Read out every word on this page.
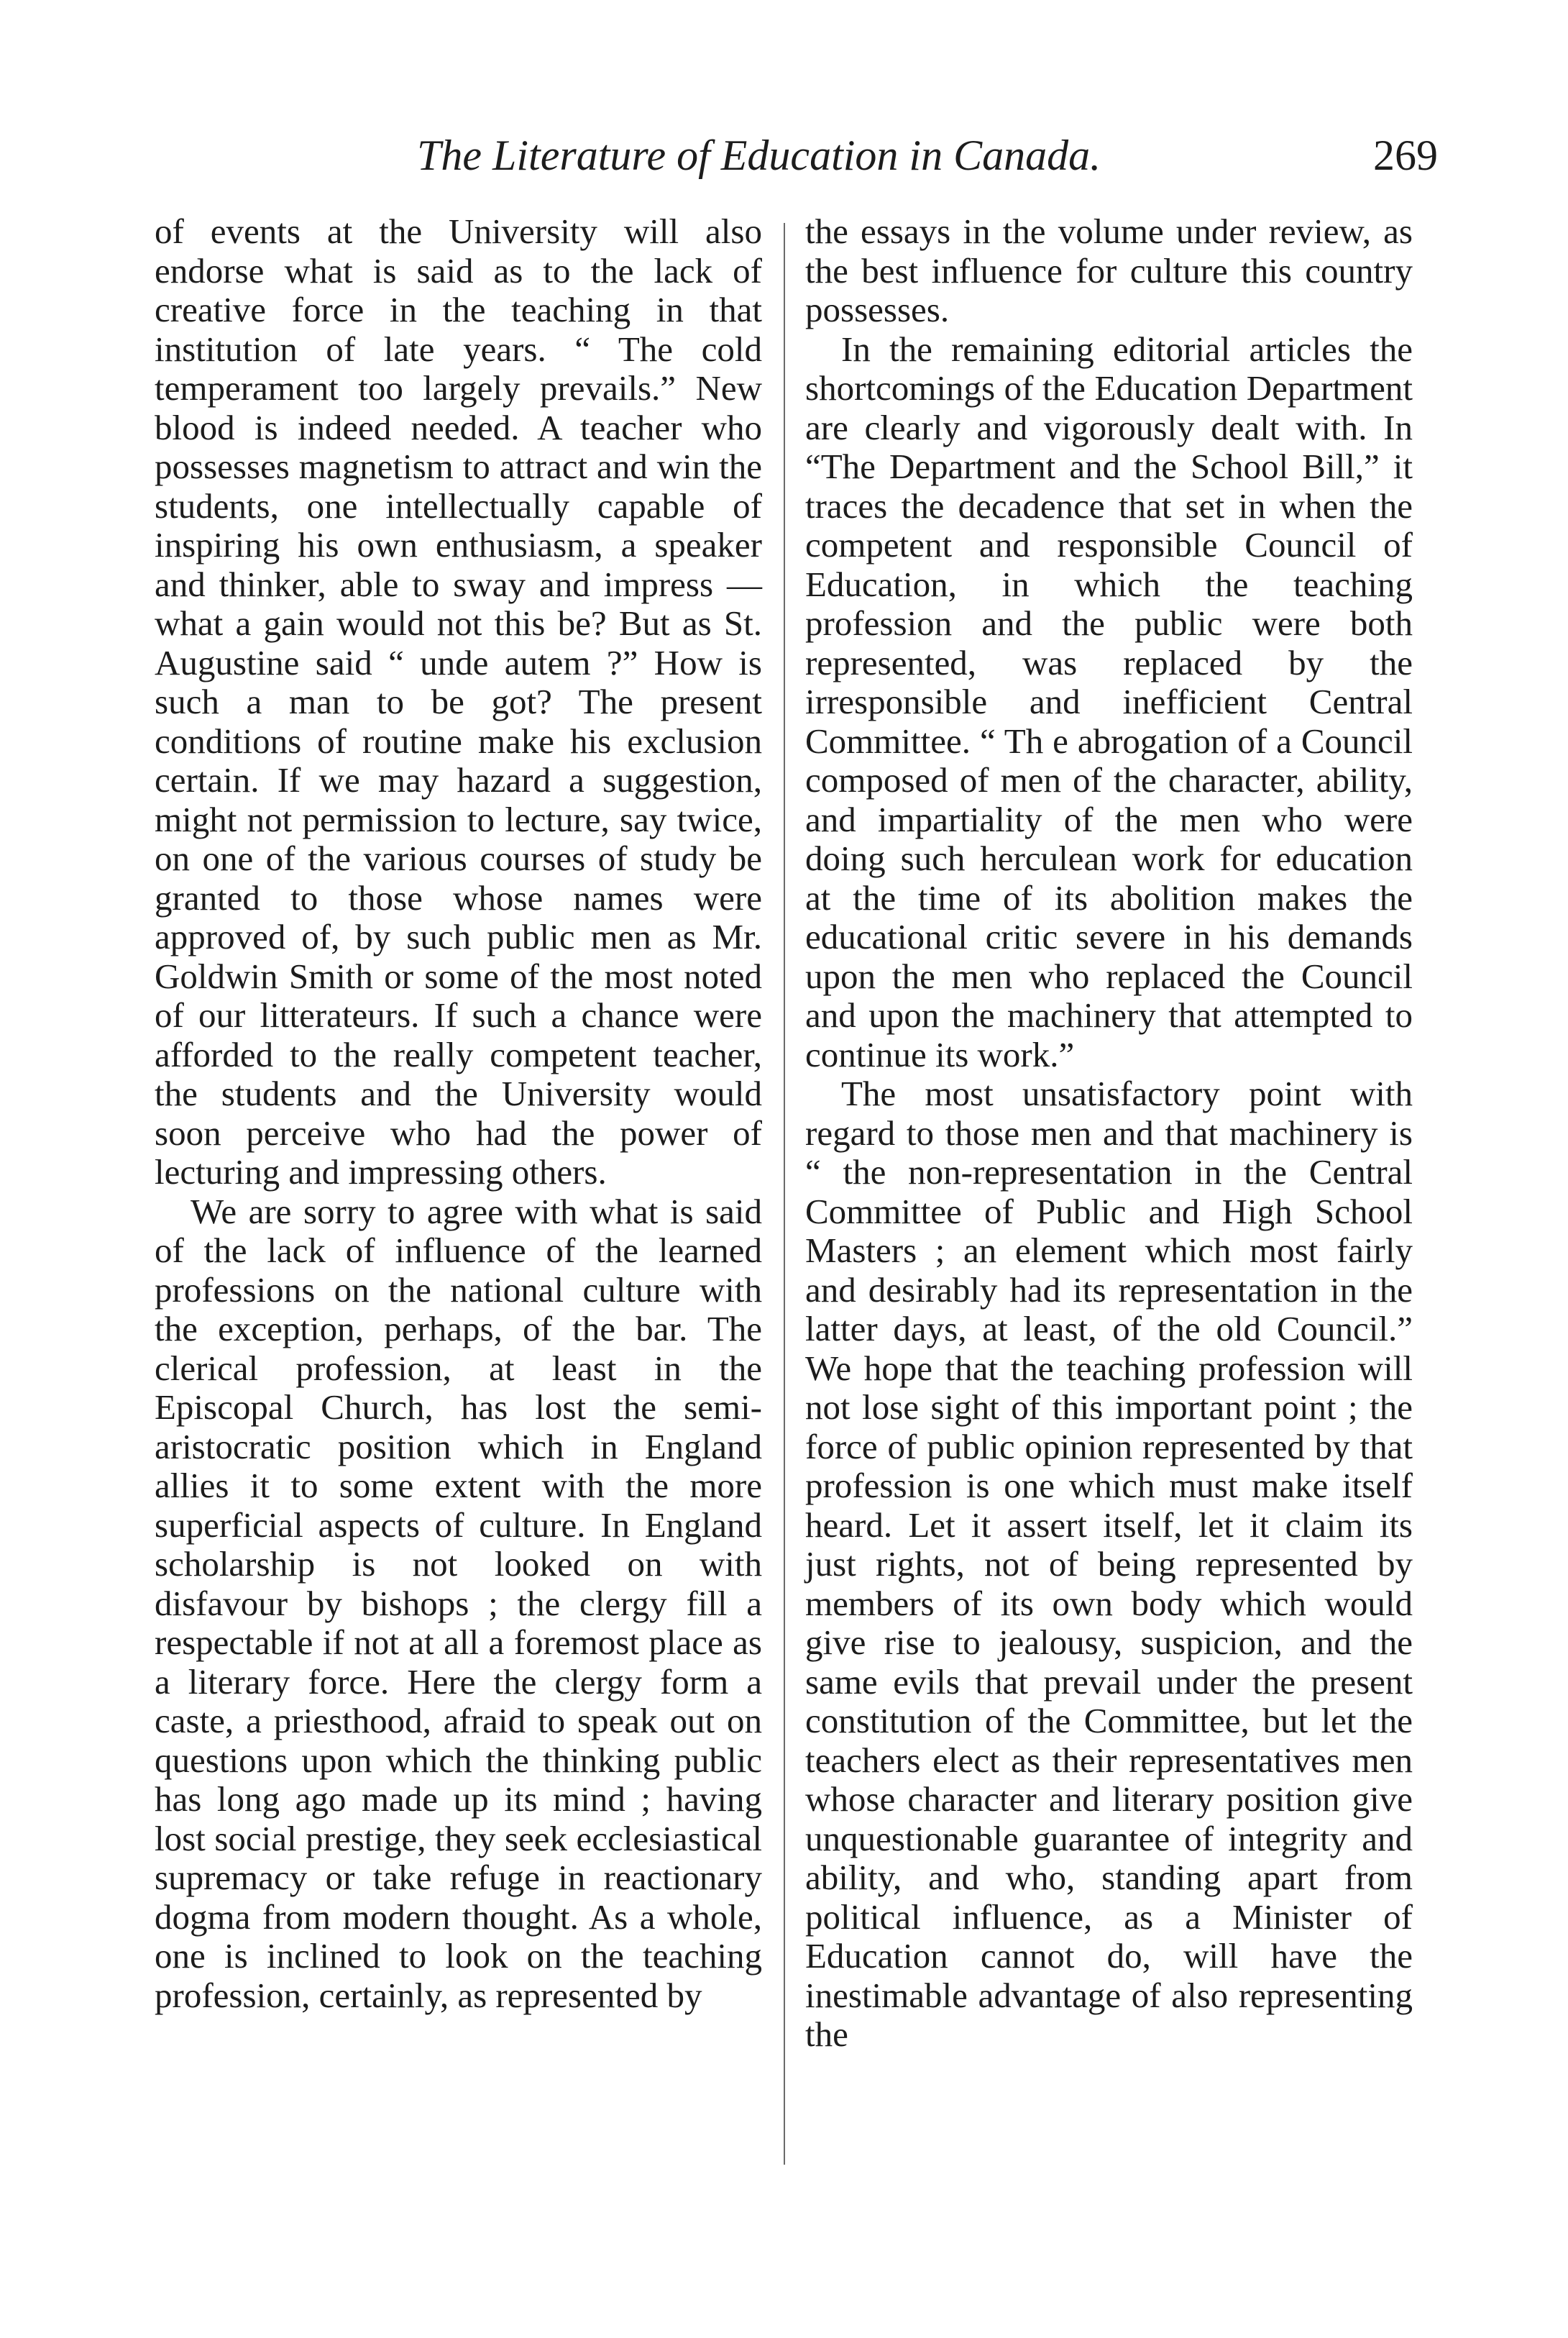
The Literature of Education in Canada.	269

of events at the University will also endorse what is said as to the lack of creative force in the teaching in that institution of late years. “ The cold temperament too largely prevails.” New blood is indeed needed. A teacher who possesses magnetism to attract and win the students, one intellectually capable of inspiring his own enthusiasm, a speaker and thinker, able to sway and impress —what a gain would not this be? But as St. Augustine said “ unde autem ?” How is such a man to be got? The present conditions of routine make his exclusion certain. If we may hazard a suggestion, might not permission to lecture, say twice, on one of the various courses of study be granted to those whose names were approved of, by such public men as Mr. Goldwin Smith or some of the most noted of our litterateurs. If such a chance were afforded to the really competent teacher, the students and the University would soon perceive who had the power of lecturing and impressing others.

We are sorry to agree with what is said of the lack of influence of the learned professions on the national culture with the exception, perhaps, of the bar. The clerical profession, at least in the Episcopal Church, has lost the semi-aristocratic position which in England allies it to some extent with the more superficial aspects of culture. In England scholarship is not looked on with disfavour by bishops ; the clergy fill a respectable if not at all a foremost place as a literary force. Here the clergy form a caste, a priesthood, afraid to speak out on questions upon which the thinking public has long ago made up its mind ; having lost social prestige, they seek ecclesiastical supremacy or take refuge in reactionary dogma from modern thought. As a whole, one is inclined to look on the teaching profession, certainly, as represented by

the essays in the volume under review, as the best influence for culture this country possesses.

In the remaining editorial articles the shortcomings of the Education Department are clearly and vigorously dealt with. In “The Department and the School Bill,” it traces the decadence that set in when the competent and responsible Council of Education, in which the teaching profession and the public were both represented, was replaced by the irresponsible and inefficient Central Committee. “ Th e abrogation of a Council composed of men of the character, ability, and impartiality of the men who were doing such herculean work for education at the time of its abolition makes the educational critic severe in his demands upon the men who replaced the Council and upon the machinery that attempted to continue its work.”

The most unsatisfactory point with regard to those men and that machinery is “ the non-representation in the Central Committee of Public and High School Masters ; an element which most fairly and desirably had its representation in the latter days, at least, of the old Council.” We hope that the teaching profession will not lose sight of this important point ; the force of public opinion represented by that profession is one which must make itself heard. Let it assert itself, let it claim its just rights, not of being represented by members of its own body which would give rise to jealousy, suspicion, and the same evils that prevail under the present constitution of the Committee, but let the teachers elect as their representatives men whose character and literary position give unquestionable guarantee of integrity and ability, and who, standing apart from political influence, as a Minister of Education cannot do, will have the inestimable advantage of also representing the
